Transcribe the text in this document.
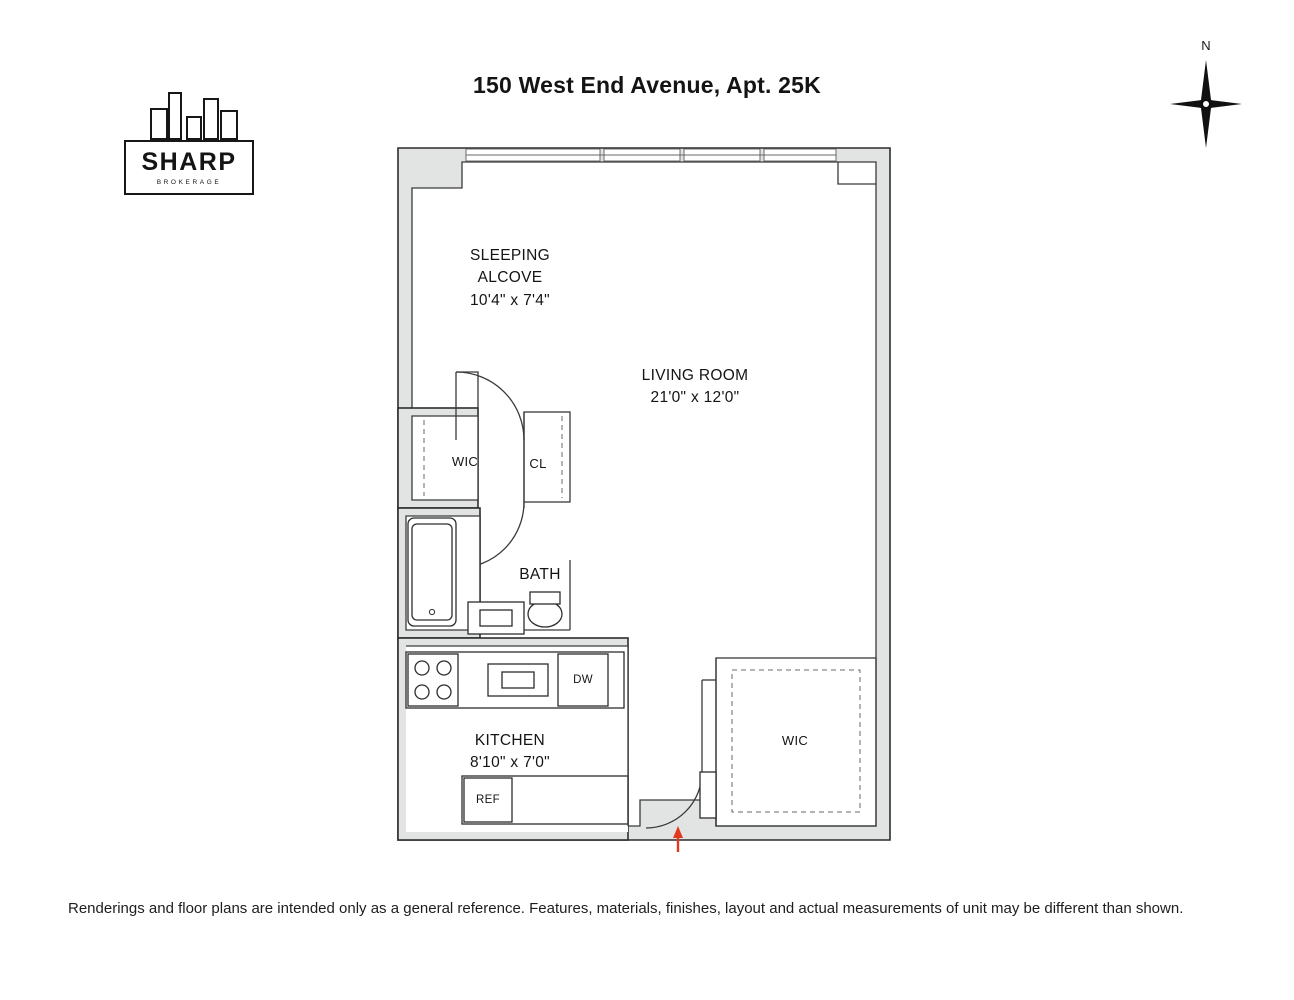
150 West End Avenue, Apt. 25K
SHARP
BROKERAGE
N
SLEEPING
ALCOVE
10'4" x 7'4"
LIVING ROOM
21'0" x 12'0"
KITCHEN
8'10" x 7'0"
BATH
WIC	CL
WIC
DW
REF
Renderings and floor plans are intended only as a general reference. Features, materials, finishes, layout and actual measurements of unit may be different than shown.
